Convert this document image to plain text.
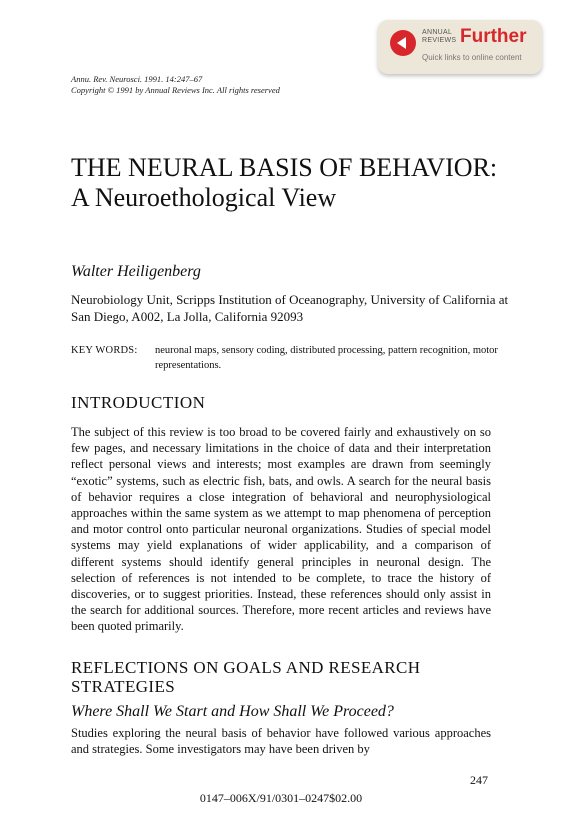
ANNUAL
REVIEWS Further
Quick links to online content
Annu. Rev. Neurosci. 1991. 14:247–67
Copyright © 1991 by Annual Reviews Inc. All rights reserved
THE NEURAL BASIS OF BEHAVIOR: A Neuroethological View
Walter Heiligenberg
Neurobiology Unit, Scripps Institution of Oceanography, University of California at San Diego, A002, La Jolla, California 92093
KEY WORDS: neuronal maps, sensory coding, distributed processing, pattern recognition, motor representations.
INTRODUCTION

The subject of this review is too broad to be covered fairly and exhaustively on so few pages, and necessary limitations in the choice of data and their interpretation reflect personal views and interests; most examples are drawn from seemingly “exotic” systems, such as electric fish, bats, and owls. A search for the neural basis of behavior requires a close integration of behavioral and neurophysiological approaches within the same system as we attempt to map phenomena of perception and motor control onto particular neuronal organizations. Studies of special model systems may yield explanations of wider applicability, and a comparison of different systems should identify general principles in neuronal design. The selection of references is not intended to be complete, to trace the history of discoveries, or to suggest priorities. Instead, these references should only assist in the search for additional sources. Therefore, more recent articles and reviews have been quoted primarily.

REFLECTIONS ON GOALS AND RESEARCH STRATEGIES
Where Shall We Start and How Shall We Proceed?

Studies exploring the neural basis of behavior have followed various approaches and strategies. Some investigators may have been driven by

247
0147–006X/91/0301–0247$02.00
